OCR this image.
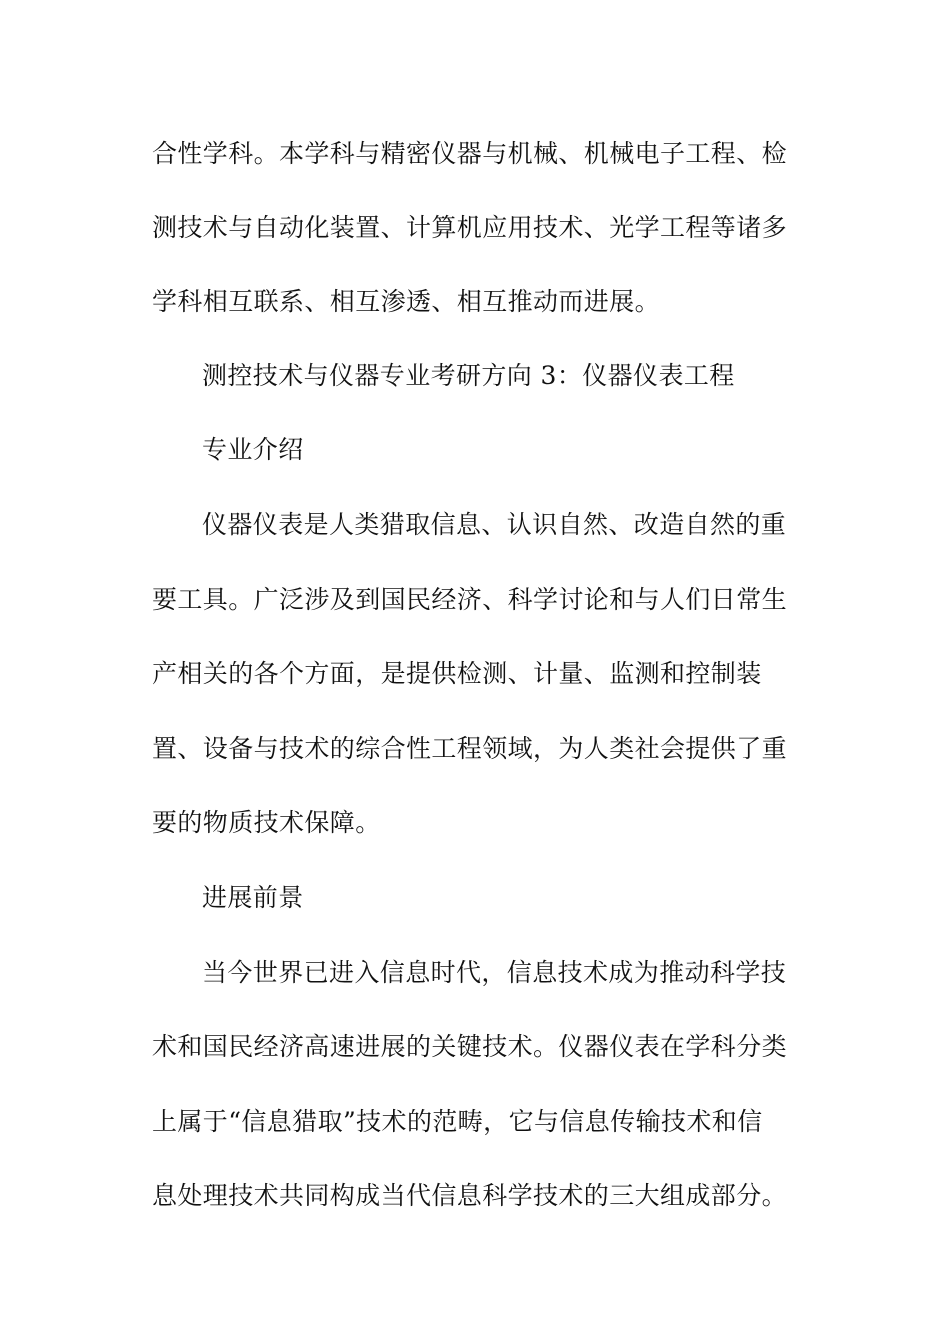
合性学科。本学科与精密仪器与机械、机械电子工程、检
测技术与自动化装置、计算机应用技术、光学工程等诸多
学科相互联系、相互渗透、相互推动而进展。
测控技术与仪器专业考研方向 3：仪器仪表工程
专业介绍
仪器仪表是人类猎取信息、认识自然、改造自然的重
要工具。广泛涉及到国民经济、科学讨论和与人们日常生
产相关的各个方面，是提供检测、计量、监测和控制装
置、设备与技术的综合性工程领域，为人类社会提供了重
要的物质技术保障。
进展前景
当今世界已进入信息时代，信息技术成为推动科学技
术和国民经济高速进展的关键技术。仪器仪表在学科分类
上属于“信息猎取”技术的范畴，它与信息传输技术和信
息处理技术共同构成当代信息科学技术的三大组成部分。
